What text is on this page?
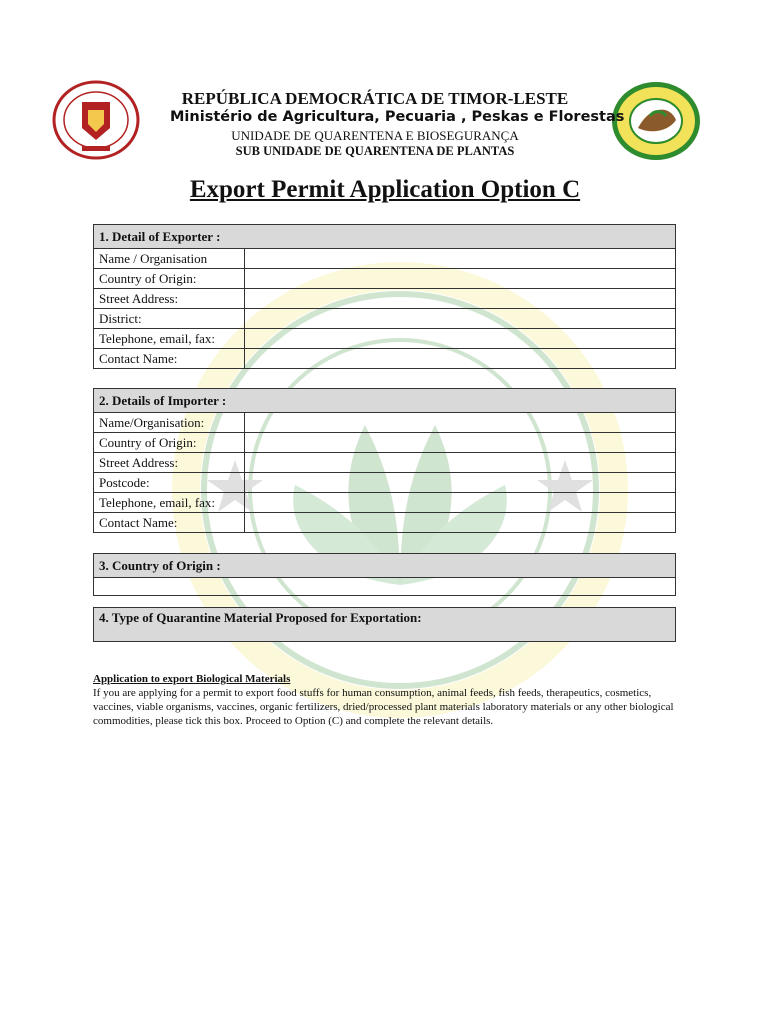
REPÚBLICA DEMOCRÁTICA DE TIMOR-LESTE
Ministério de Agricultura, Pecuaria , Peskas e Florestas
UNIDADE DE QUARENTENA E BIOSEGURANÇA
SUB UNIDADE DE QUARENTENA DE PLANTAS
Export Permit Application Option C
1. Detail of Exporter :	
Name / Organisation	
Country of Origin:	
Street Address:	
District:	
Telephone, email, fax:	
Contact Name:	
2. Details of Importer :	
Name/Organisation:	
Country of Origin:	
Street Address:	
Postcode:	
Telephone, email, fax:	
Contact Name:	
3. Country of Origin :

4. Type of Quarantine Material Proposed for Exportation:
Application to export Biological Materials
If you are applying for a permit to export food stuffs for human consumption, animal feeds, fish feeds, therapeutics, cosmetics, vaccines, viable organisms, vaccines, organic fertilizers, dried/processed plant materials laboratory materials or any other biological commodities, please tick this box. Proceed to Option (C) and complete the relevant details.
